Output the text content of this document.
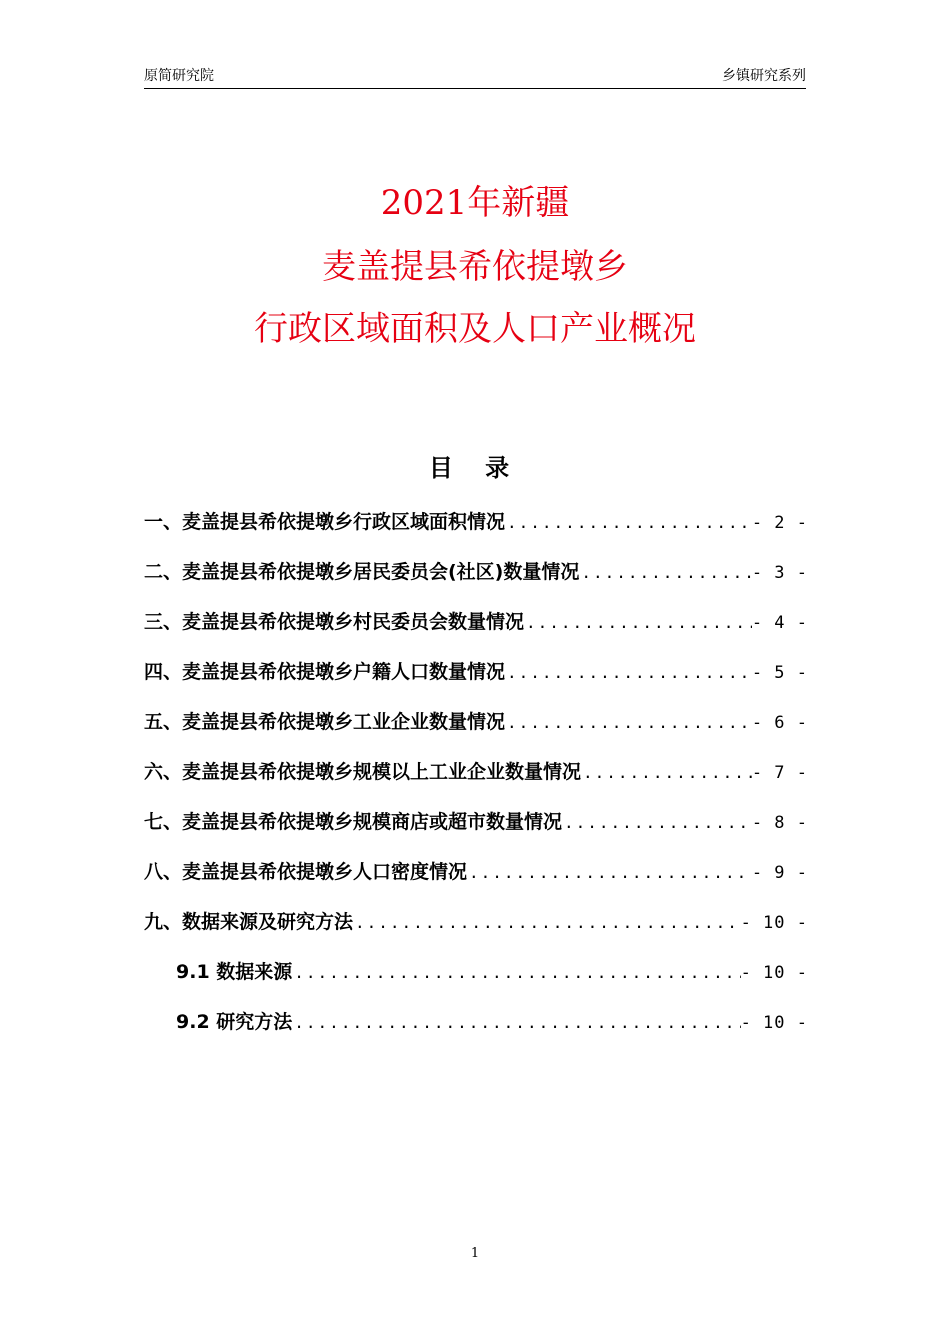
原简研究院	乡镇研究系列
2021年新疆
麦盖提县希依提墩乡
行政区域面积及人口产业概况
目 录
一、麦盖提县希依提墩乡行政区域面积情况 .....	- 2 -
二、麦盖提县希依提墩乡居民委员会(社区)数量情况 .....	- 3 -
三、麦盖提县希依提墩乡村民委员会数量情况 .....	- 4 -
四、麦盖提县希依提墩乡户籍人口数量情况 .....	- 5 -
五、麦盖提县希依提墩乡工业企业数量情况 .....	- 6 -
六、麦盖提县希依提墩乡规模以上工业企业数量情况 .....	- 7 -
七、麦盖提县希依提墩乡规模商店或超市数量情况 .....	- 8 -
八、麦盖提县希依提墩乡人口密度情况 .....	- 9 -
九、数据来源及研究方法 .....	- 10 -
9.1 数据来源 .....	- 10 -
9.2 研究方法 .....	- 10 -
1
